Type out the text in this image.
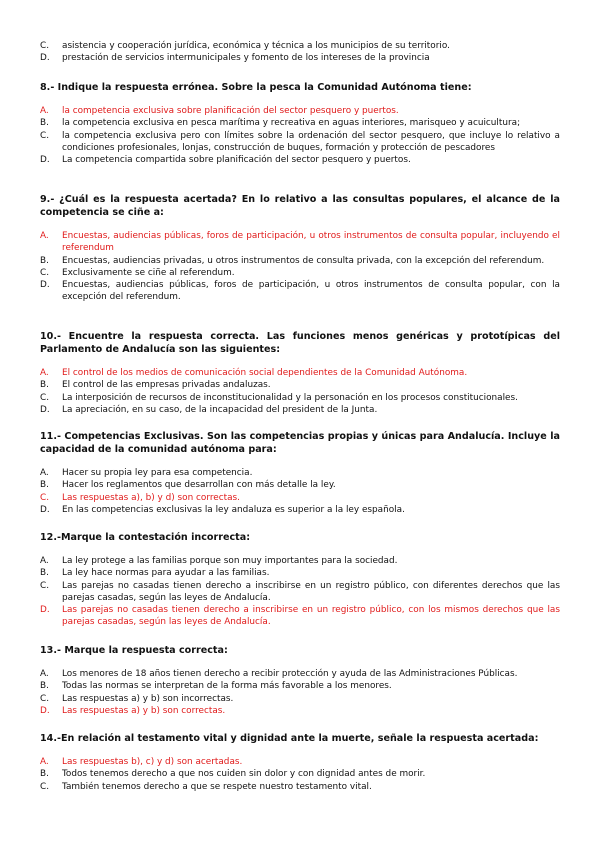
C.	asistencia y cooperación jurídica, económica y técnica a los municipios de su territorio.
D.	prestación de servicios intermunicipales y fomento de los intereses de la provincia
8.- Indique la respuesta errónea. Sobre la pesca la Comunidad Autónoma tiene:
A.	la competencia exclusiva sobre planificación del sector pesquero y puertos.
B.	la competencia exclusiva en pesca marítima y recreativa en aguas interiores, marisqueo y acuicultura;
C.	la competencia exclusiva pero con límites sobre la ordenación del sector pesquero, que incluye lo relativo a condiciones profesionales, lonjas, construcción de buques, formación y protección de pescadores
D.	La competencia compartida sobre planificación del sector pesquero y puertos.
9.- ¿Cuál es la respuesta acertada? En lo relativo a las consultas populares, el alcance de la competencia se ciñe a:
A.	Encuestas, audiencias públicas, foros de participación, u otros instrumentos de consulta popular, incluyendo el referendum
B.	Encuestas, audiencias privadas, u otros instrumentos de consulta privada, con la excepción del referendum.
C.	Exclusivamente se ciñe al referendum.
D.	Encuestas, audiencias públicas, foros de participación, u otros instrumentos de consulta popular, con la excepción del referendum.
10.- Encuentre la respuesta correcta. Las funciones menos genéricas y prototípicas del Parlamento de Andalucía son las siguientes:
A.	El control de los medios de comunicación social dependientes de la Comunidad Autónoma.
B.	El control de las empresas privadas andaluzas.
C.	La interposición de recursos de inconstitucionalidad y la personación en los procesos constitucionales.
D.	La apreciación, en su caso, de la incapacidad del president de la Junta.
11.- Competencias Exclusivas. Son las competencias propias y únicas para Andalucía. Incluye la capacidad de la comunidad autónoma para:
A.	Hacer su propia ley para esa competencia.
B.	Hacer los reglamentos que desarrollan con más detalle la ley.
C.	Las respuestas a), b) y d) son correctas.
D.	En las competencias exclusivas la ley andaluza es superior a la ley española.
12.-Marque la contestación incorrecta:
A.	La ley protege a las familias porque son muy importantes para la sociedad.
B.	La ley hace normas para ayudar a las familias.
C.	Las parejas no casadas tienen derecho a inscribirse en un registro público, con diferentes derechos que las parejas casadas, según las leyes de Andalucía.
D.	Las parejas no casadas tienen derecho a inscribirse en un registro público, con los mismos derechos que las parejas casadas, según las leyes de Andalucía.
13.- Marque la respuesta correcta:
A.	Los menores de 18 años tienen derecho a recibir protección y ayuda de las Administraciones Públicas.
B.	Todas las normas se interpretan de la forma más favorable a los menores.
C.	Las respuestas a) y b) son incorrectas.
D.	Las respuestas a) y b) son correctas.
14.-En relación al testamento vital y dignidad ante la muerte, señale la respuesta acertada:
A.	Las respuestas b), c) y d) son acertadas.
B.	Todos tenemos derecho a que nos cuiden sin dolor y con dignidad antes de morir.
C.	También tenemos derecho a que se respete nuestro testamento vital.
